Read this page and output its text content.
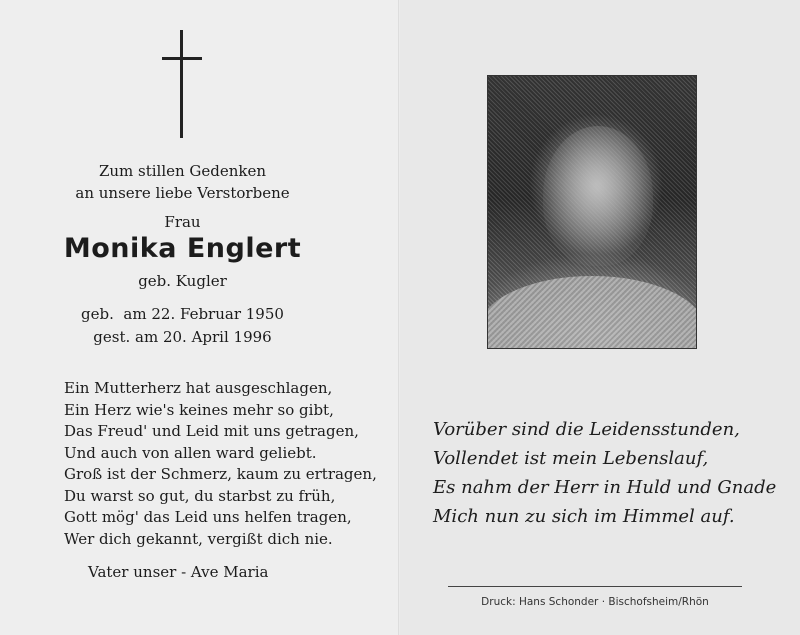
Zum stillen Gedenken
an unsere liebe Verstorbene
Frau
Monika Englert
geb. Kugler
geb.  am 22. Februar 1950
gest. am 20. April 1996
Ein Mutterherz hat ausgeschlagen,
Ein Herz wie's keines mehr so gibt,
Das Freud' und Leid mit uns getragen,
Und auch von allen ward geliebt.
Groß ist der Schmerz, kaum zu ertragen,
Du warst so gut, du starbst zu früh,
Gott mög' das Leid uns helfen tragen,
Wer dich gekannt, vergißt dich nie.
Vater unser - Ave Maria
Vorüber sind die Leidensstunden,
Vollendet ist mein Lebenslauf,
Es nahm der Herr in Huld und Gnade
Mich nun zu sich im Himmel auf.
Druck: Hans Schonder · Bischofsheim/Rhön
